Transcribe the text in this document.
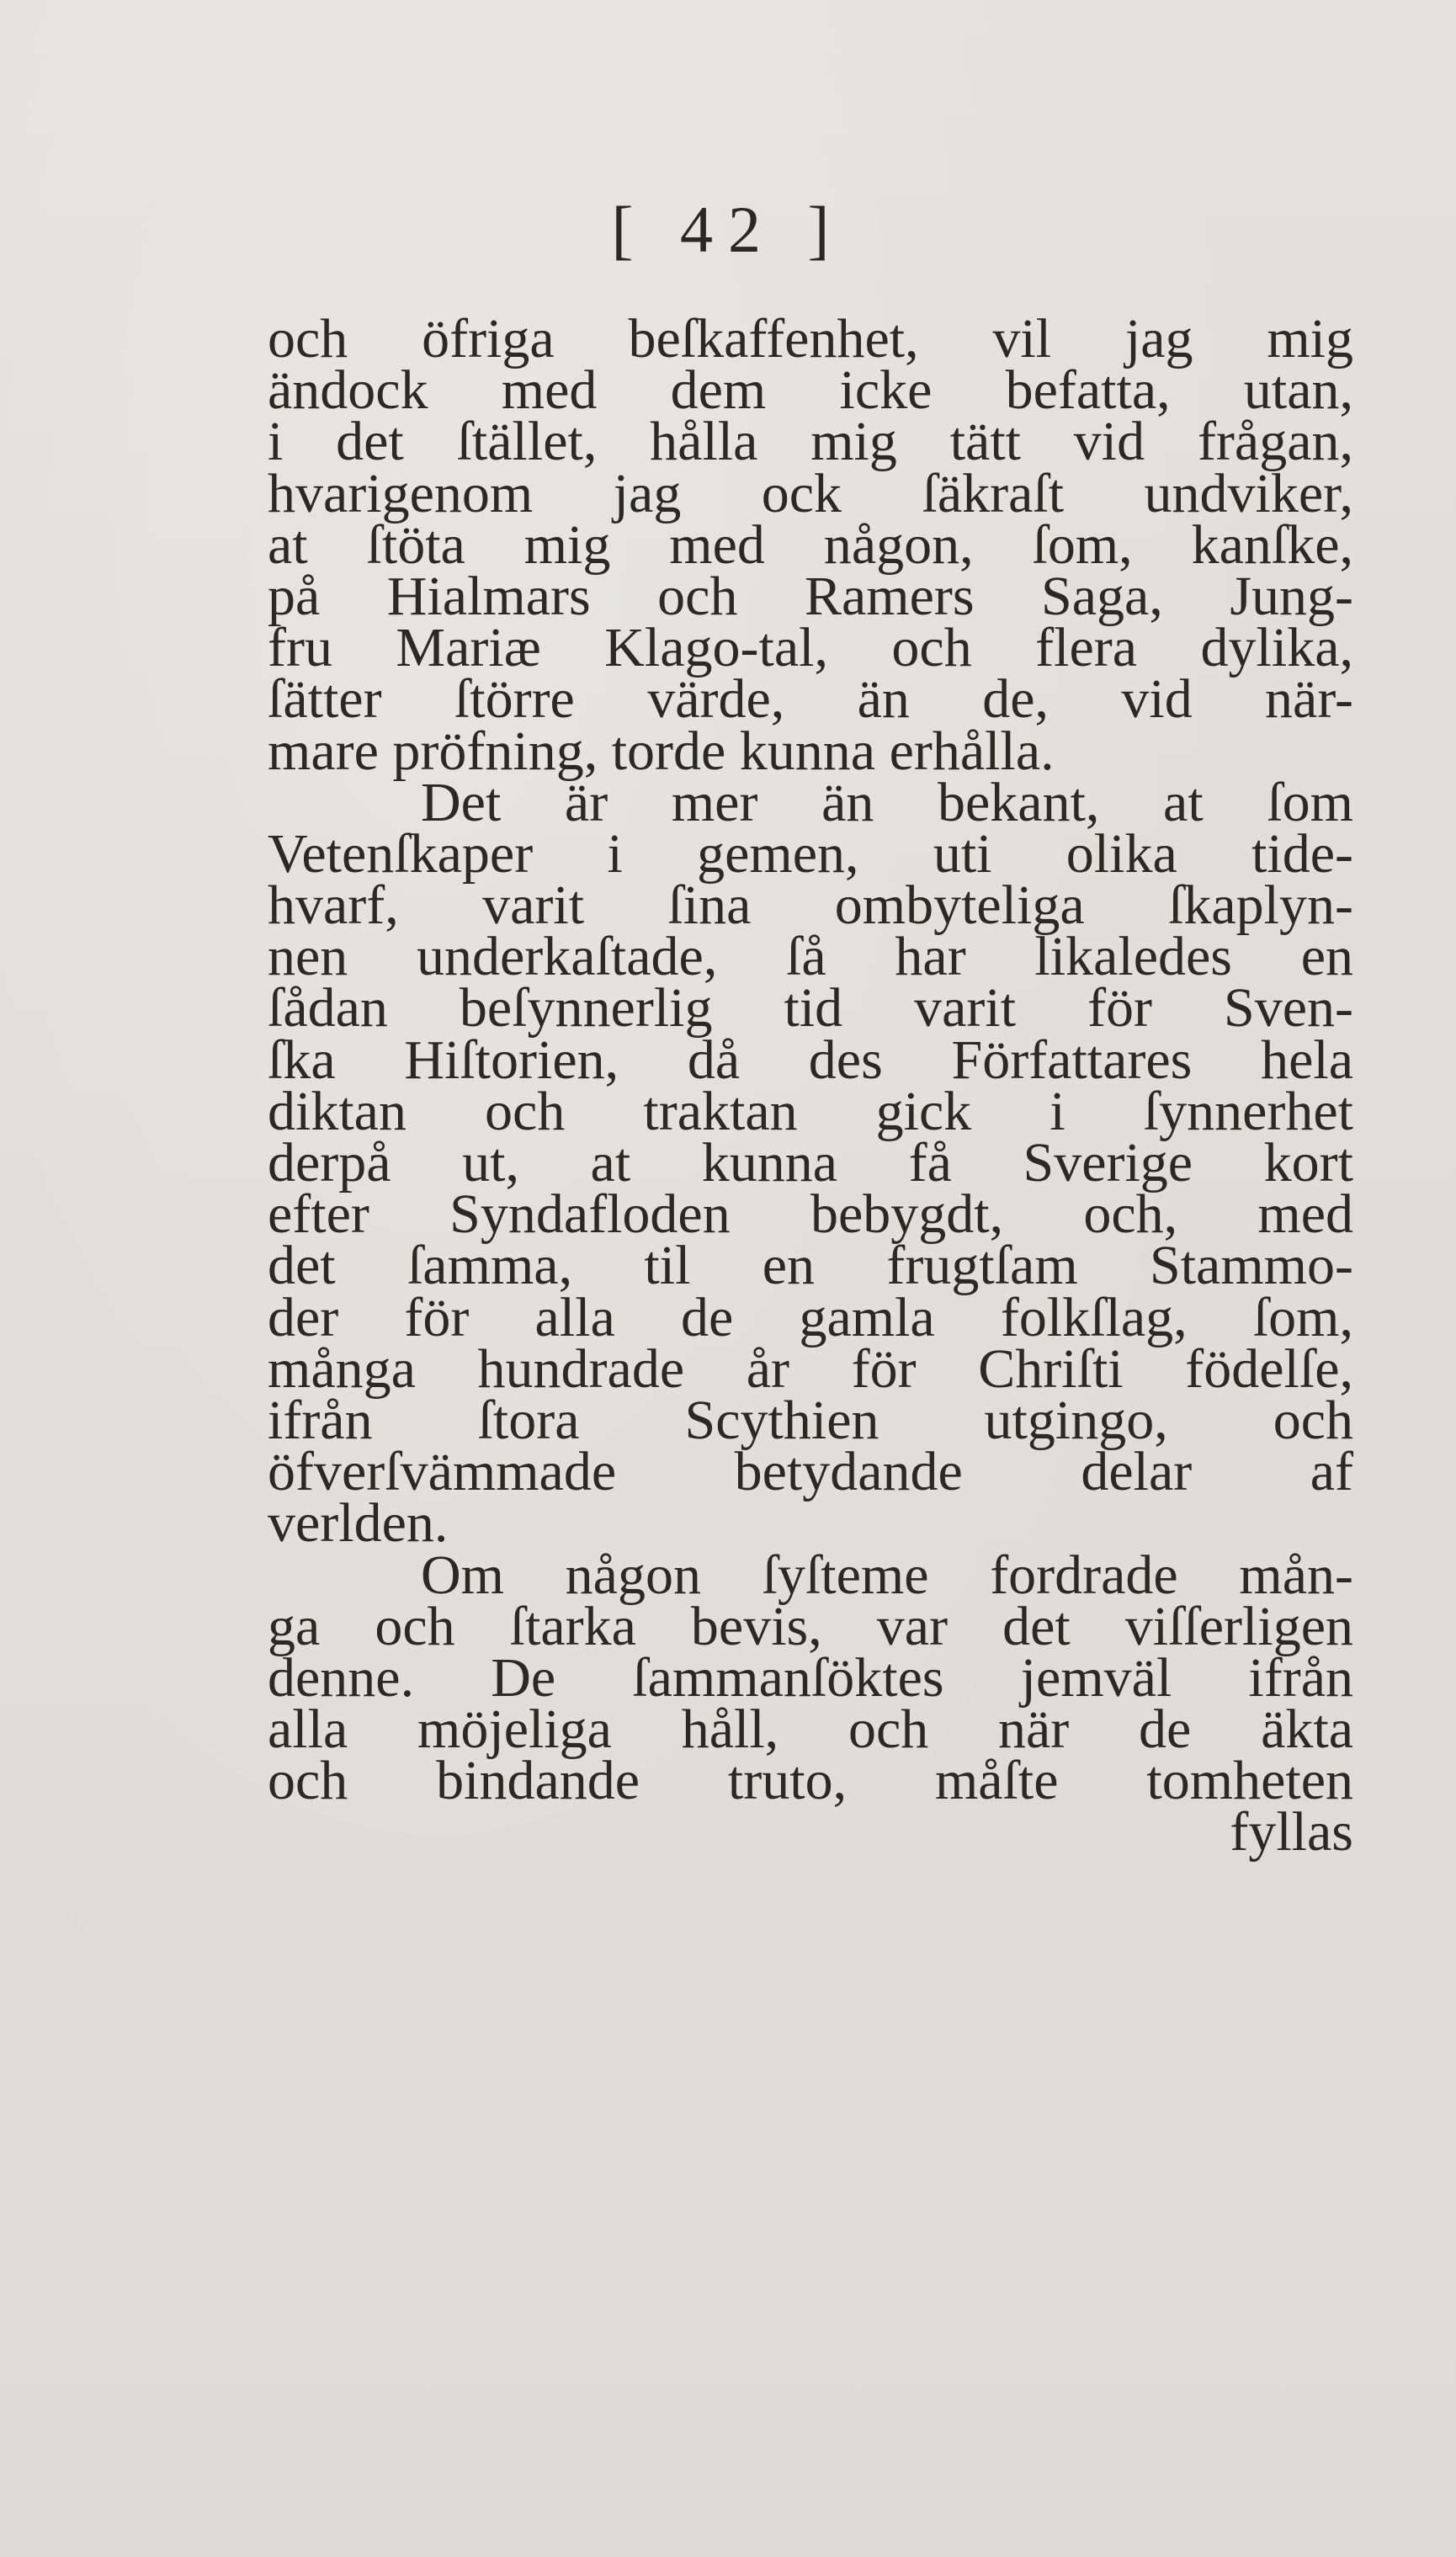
[ 42 ]
och öfriga beſkaffenhet, vil jag mig
ändock med dem icke befatta, utan,
i det ſtället, hålla mig tätt vid frågan,
hvarigenom jag ock ſäkraſt undviker,
at ſtöta mig med någon, ſom, kanſke,
på Hialmars och Ramers Saga, Jung-
fru Mariæ Klago-tal, och flera dylika,
ſätter ſtörre värde, än de, vid när-
mare pröfning, torde kunna erhålla.
Det är mer än bekant, at ſom
Vetenſkaper i gemen, uti olika tide-
hvarf, varit ſina ombyteliga ſkaplyn-
nen underkaſtade, ſå har likaledes en
ſådan beſynnerlig tid varit för Sven-
ſka Hiſtorien, då des Författares hela
diktan och traktan gick i ſynnerhet
derpå ut, at kunna få Sverige kort
efter Syndafloden bebygdt, och, med
det ſamma, til en frugtſam Stammo-
der för alla de gamla folkſlag, ſom,
många hundrade år för Chriſti födelſe,
ifrån ſtora Scythien utgingo, och
öfverſvämmade betydande delar af
verlden.
Om någon ſyſteme fordrade mån-
ga och ſtarka bevis, var det viſſerligen
denne. De ſammanſöktes jemväl ifrån
alla möjeliga håll, och när de äkta
och bindande truto, måſte tomheten
fyllas
